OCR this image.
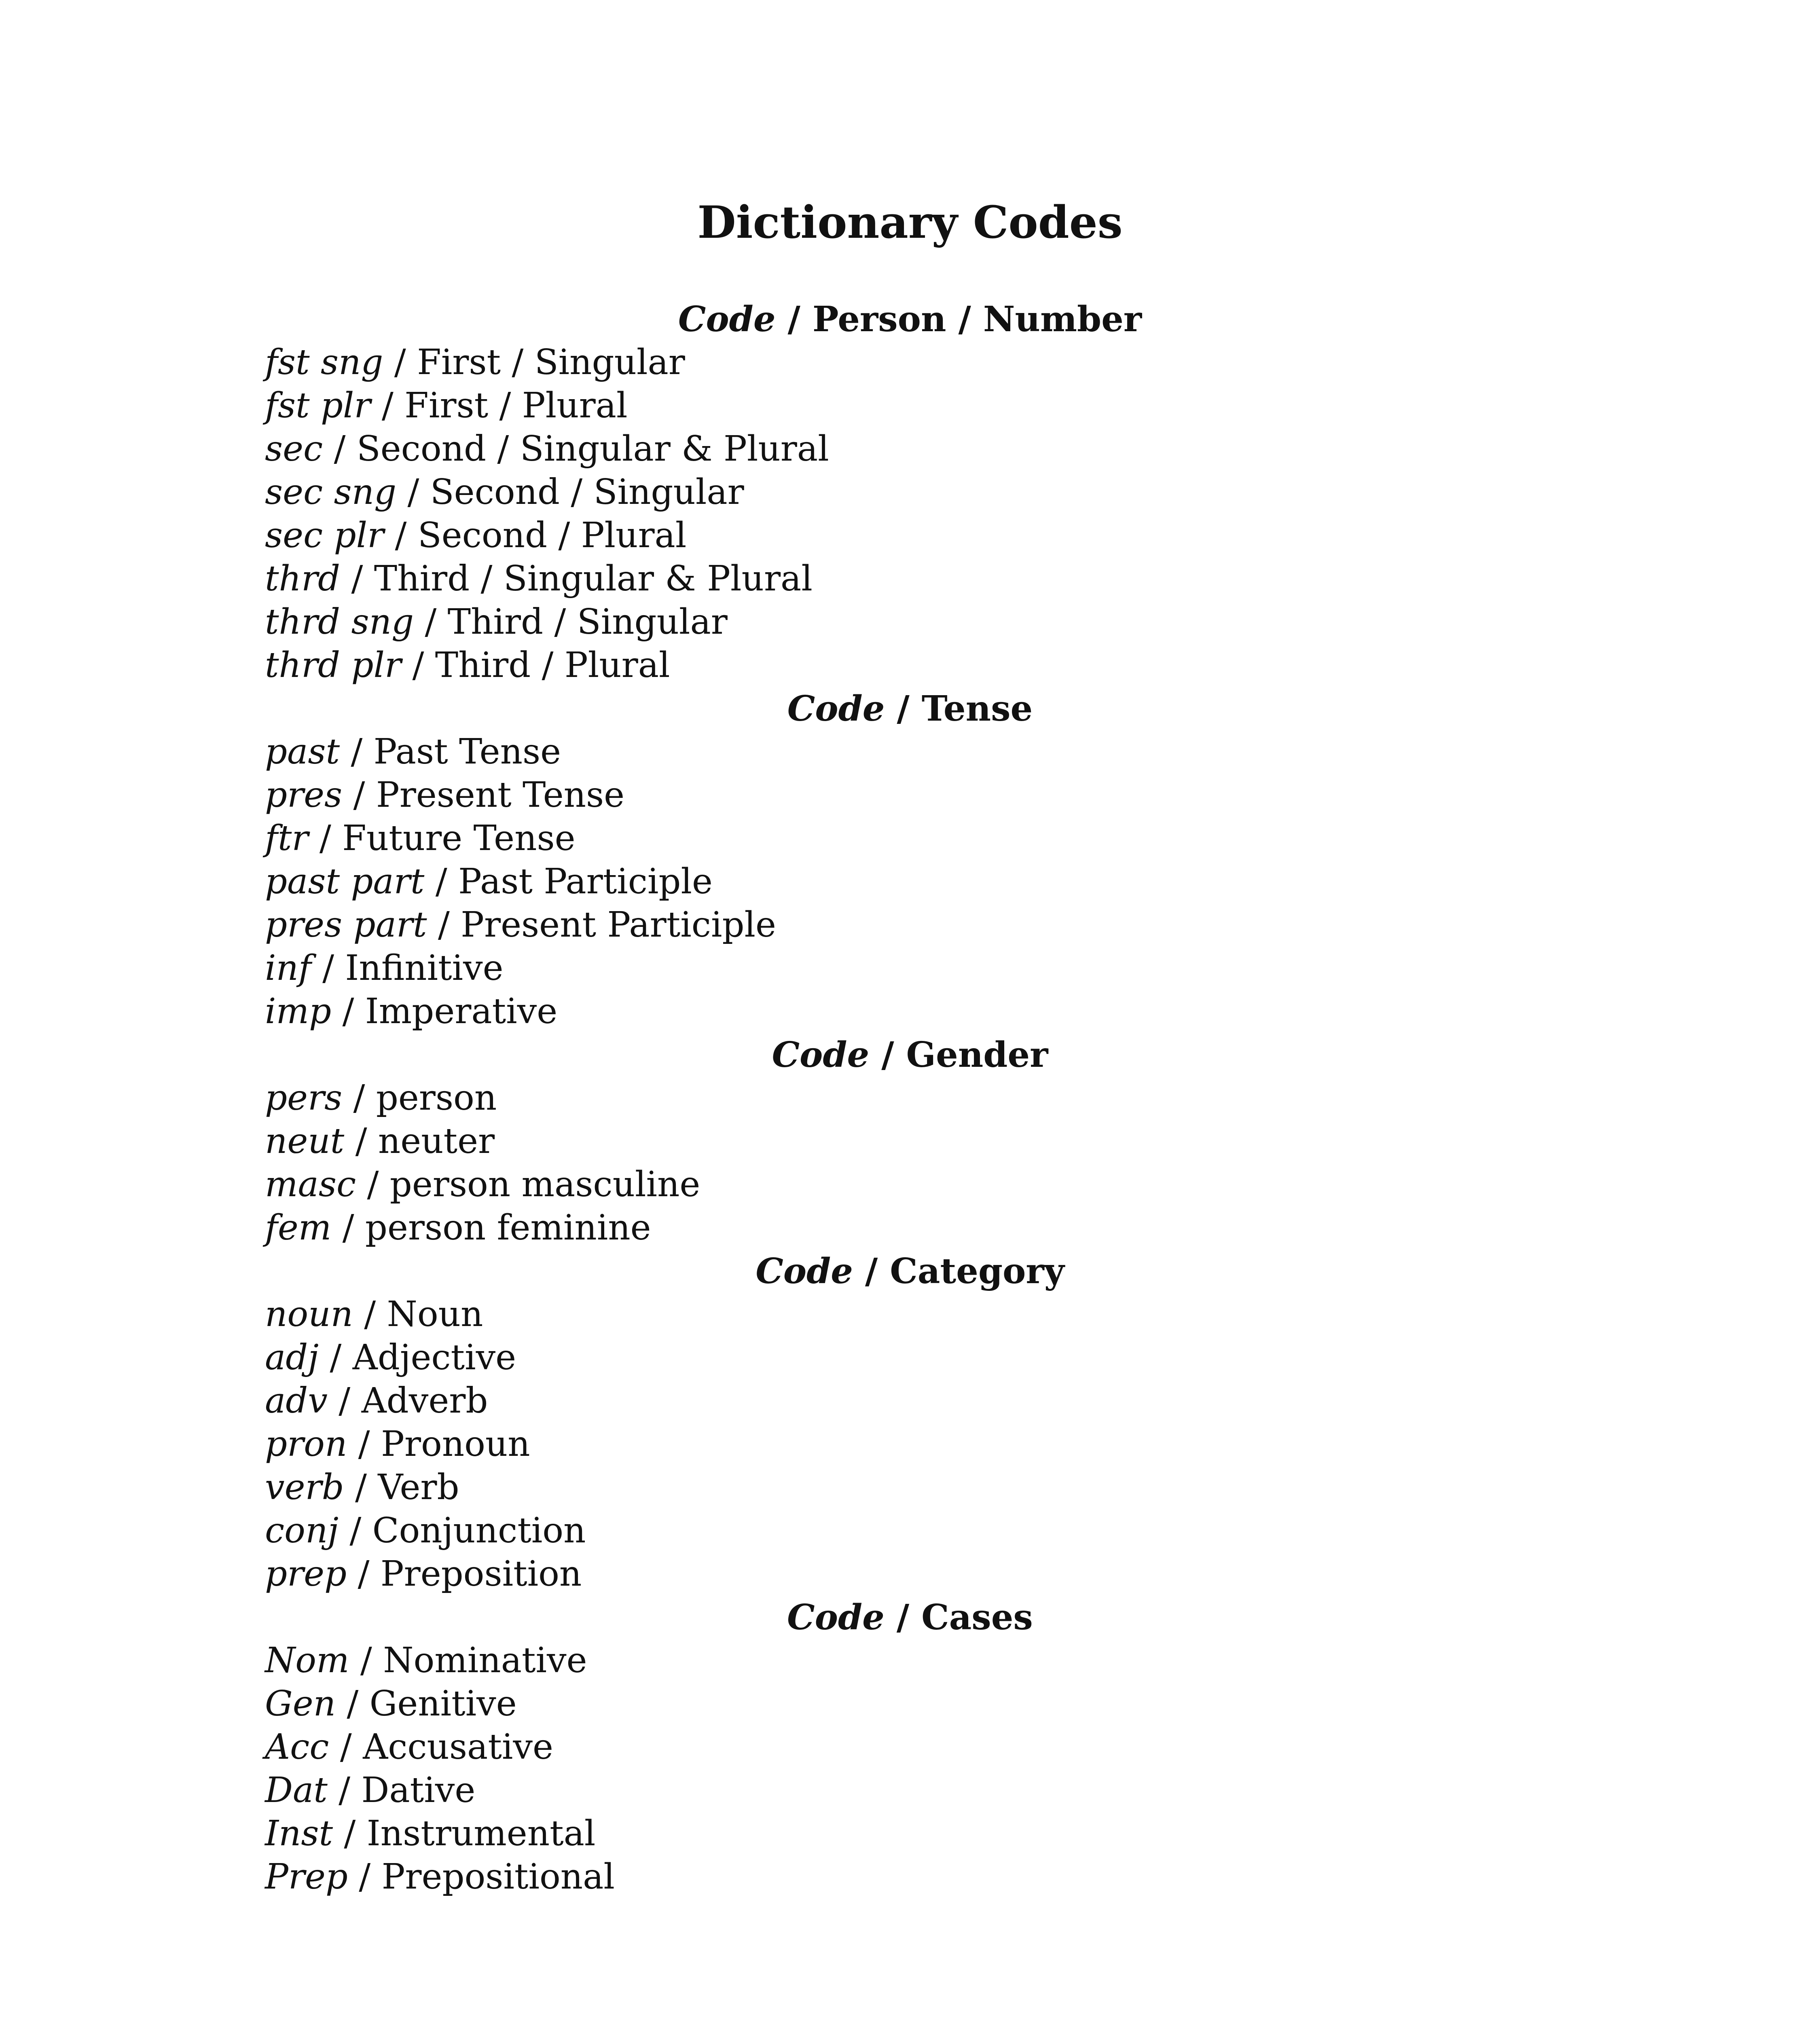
Dictionary Codes
Code / Person / Number
fst sng / First / Singular
fst plr / First / Plural
sec / Second / Singular & Plural
sec sng / Second / Singular
sec plr / Second / Plural
thrd / Third / Singular & Plural
thrd sng / Third / Singular
thrd plr / Third / Plural
Code / Tense
past / Past Tense
pres / Present Tense
ftr / Future Tense
past part / Past Participle
pres part / Present Participle
inf / Infinitive
imp / Imperative
Code / Gender
pers / person
neut / neuter
masc / person masculine
fem / person feminine
Code / Category
noun / Noun
adj / Adjective
adv / Adverb
pron / Pronoun
verb / Verb
conj / Conjunction
prep / Preposition
Code / Cases
Nom / Nominative
Gen / Genitive
Acc / Accusative
Dat / Dative
Inst / Instrumental
Prep / Prepositional
